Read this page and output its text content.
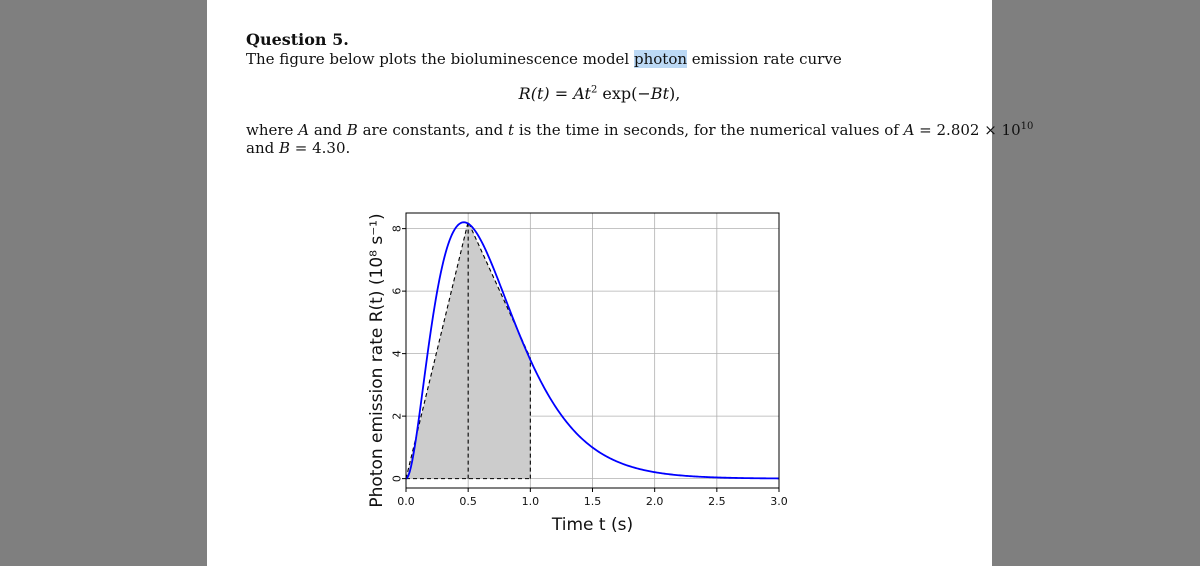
Question 5.
The figure below plots the bioluminescence model photon emission rate curve
$R(t) = At^2$ exp(−Bt),
where A and B are constants, and t is the time in seconds, for the numerical values of $A = 2.802 \times 10^{10}$
and B = 4.30.
0.0	0.5	1.0	1.5	2.0	2.5	3.0
0
2
4
6
8
Time t (s)
Photon emission rate R(t) (10⁸ s⁻¹)
